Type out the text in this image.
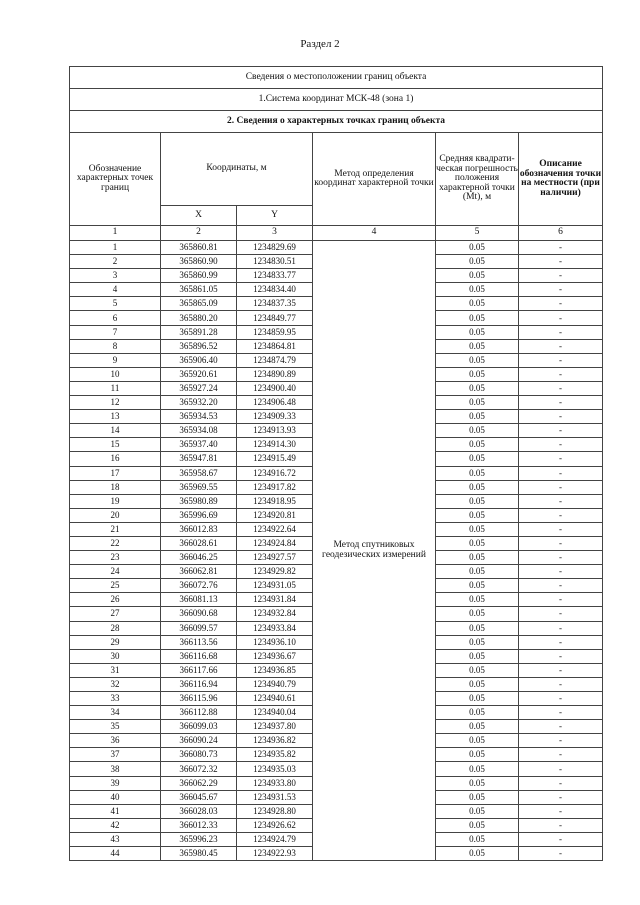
Раздел 2
Сведения о местоположении границ объекта					
1.Система координат МСК-48 (зона 1)					
2. Сведения о характерных точках границ объекта					
Обозначение характерных точек границ	Координаты, м		Метод определения координат характерной точки	Средняя квадрати-ческая погрешность положения характерной точки (Mt), м	Описание обозначения точки на местности (при наличии)
	X	Y			
1	2	3	4	5	6
1	365860.81	1234829.69	Метод спутниковых геодезических измерений	0.05	-
2	365860.90	1234830.51		0.05	-
3	365860.99	1234833.77		0.05	-
4	365861.05	1234834.40		0.05	-
5	365865.09	1234837.35		0.05	-
6	365880.20	1234849.77		0.05	-
7	365891.28	1234859.95		0.05	-
8	365896.52	1234864.81		0.05	-
9	365906.40	1234874.79		0.05	-
10	365920.61	1234890.89		0.05	-
11	365927.24	1234900.40		0.05	-
12	365932.20	1234906.48		0.05	-
13	365934.53	1234909.33		0.05	-
14	365934.08	1234913.93		0.05	-
15	365937.40	1234914.30		0.05	-
16	365947.81	1234915.49		0.05	-
17	365958.67	1234916.72		0.05	-
18	365969.55	1234917.82		0.05	-
19	365980.89	1234918.95		0.05	-
20	365996.69	1234920.81		0.05	-
21	366012.83	1234922.64		0.05	-
22	366028.61	1234924.84		0.05	-
23	366046.25	1234927.57		0.05	-
24	366062.81	1234929.82		0.05	-
25	366072.76	1234931.05		0.05	-
26	366081.13	1234931.84		0.05	-
27	366090.68	1234932.84		0.05	-
28	366099.57	1234933.84		0.05	-
29	366113.56	1234936.10		0.05	-
30	366116.68	1234936.67		0.05	-
31	366117.66	1234936.85		0.05	-
32	366116.94	1234940.79		0.05	-
33	366115.96	1234940.61		0.05	-
34	366112.88	1234940.04		0.05	-
35	366099.03	1234937.80		0.05	-
36	366090.24	1234936.82		0.05	-
37	366080.73	1234935.82		0.05	-
38	366072.32	1234935.03		0.05	-
39	366062.29	1234933.80		0.05	-
40	366045.67	1234931.53		0.05	-
41	366028.03	1234928.80		0.05	-
42	366012.33	1234926.62		0.05	-
43	365996.23	1234924.79		0.05	-
44	365980.45	1234922.93		0.05	-
